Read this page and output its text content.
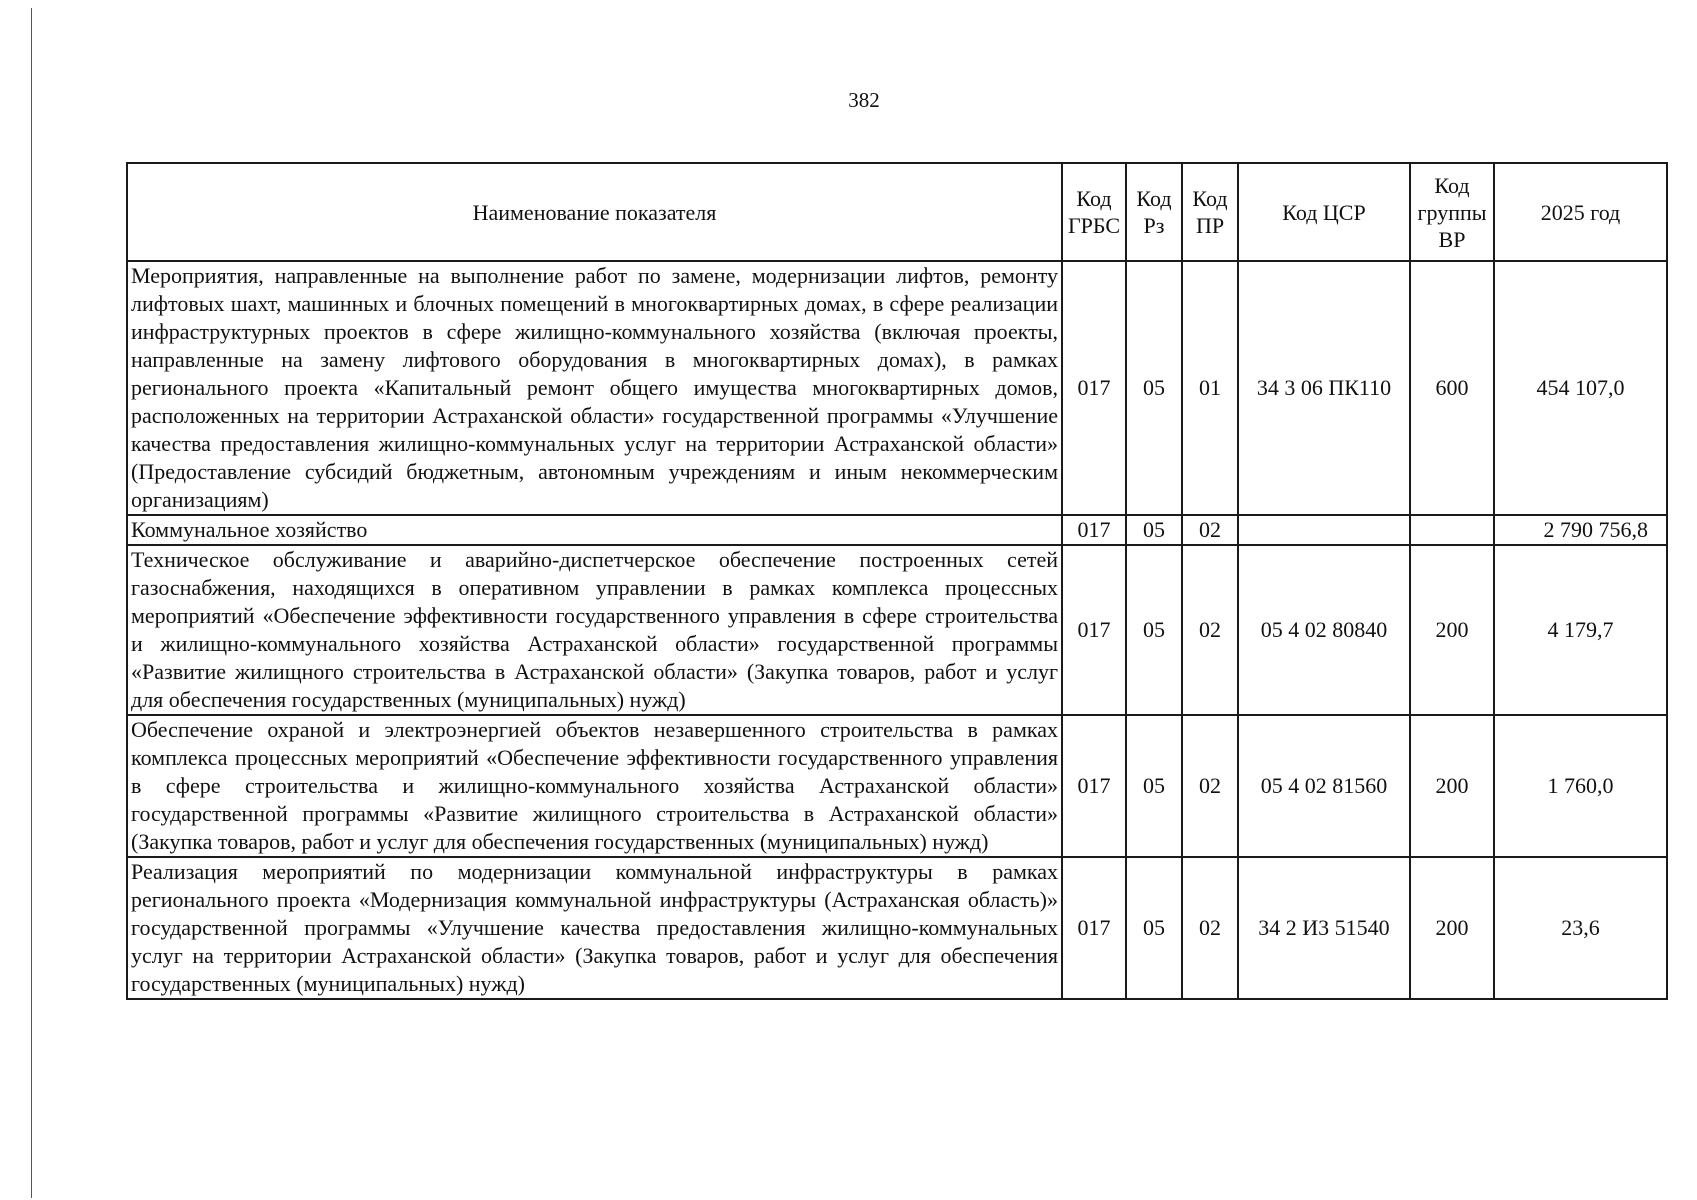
382
Наименование показателя	Код ГРБС	Код Рз	Код ПР	Код ЦСР	Код группы ВР	2025 год
Мероприятия, направленные на выполнение работ по замене, модернизации лифтов, ремонту лифтовых шахт, машинных и блочных помещений в многоквартирных домах, в сфере реализации инфраструктурных проектов в сфере жилищно-коммунального хозяйства (включая проекты, направленные на замену лифтового оборудования в многоквартирных домах), в рамках регионального проекта «Капитальный ремонт общего имущества многоквартирных домов, расположенных на территории Астраханской области» государственной программы «Улучшение качества предоставления жилищно-коммунальных услуг на территории Астраханской области» (Предоставление субсидий бюджетным, автономным учреждениям и иным некоммерческим организациям)	017	05	01	34 3 06 ПК110	600	454 107,0
Коммунальное хозяйство	017	05	02			2 790 756,8
Техническое обслуживание и аварийно-диспетчерское обеспечение построенных сетей газоснабжения, находящихся в оперативном управлении в рамках комплекса процессных мероприятий «Обеспечение эффективности государственного управления в сфере строительства и жилищно-коммунального хозяйства Астраханской области» государственной программы «Развитие жилищного строительства в Астраханской области» (Закупка товаров, работ и услуг для обеспечения государственных (муниципальных) нужд)	017	05	02	05 4 02 80840	200	4 179,7
Обеспечение охраной и электроэнергией объектов незавершенного строительства в рамках комплекса процессных мероприятий «Обеспечение эффективности государственного управления в сфере строительства и жилищно-коммунального хозяйства Астраханской области» государственной программы «Развитие жилищного строительства в Астраханской области» (Закупка товаров, работ и услуг для обеспечения государственных (муниципальных) нужд)	017	05	02	05 4 02 81560	200	1 760,0
Реализация мероприятий по модернизации коммунальной инфраструктуры в рамках регионального проекта «Модернизация коммунальной инфраструктуры (Астраханская область)» государственной программы «Улучшение качества предоставления жилищно-коммунальных услуг на территории Астраханской области» (Закупка товаров, работ и услуг для обеспечения государственных (муниципальных) нужд)	017	05	02	34 2 И3 51540	200	23,6
